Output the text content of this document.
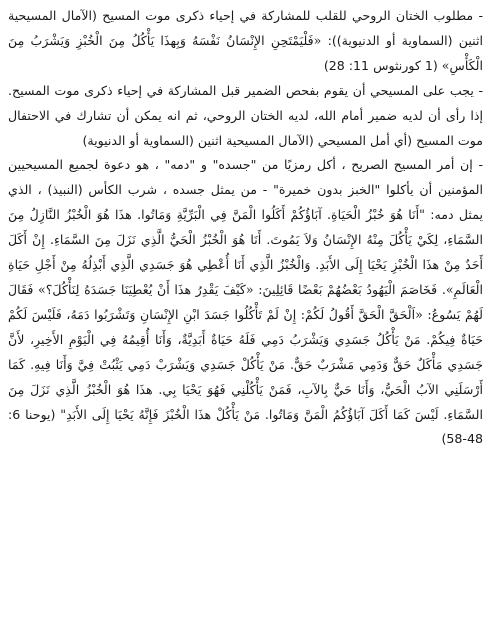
- مطلوب الختان الروحي للقلب للمشاركة في إحياء ذكرى موت المسيح (الآمال المسيحية اثنين (السماوية أو الدنيوية)):

«فَلْيَمْتَحِنِ الإِنْسَانُ نَفْسَهُ وَبِهذَا يَأْكُلُ مِنَ الْخُبْزِ وَيَشْرَبُ مِنَ الْكَأْسِ»

(1 كورنثوس 11: 28)

- يجب على المسيحي أن يقوم بفحص الضمير قبل المشاركة في إحياء ذكرى موت المسيح. إذا رأى أن لديه ضمير أمام الله، لديه الختان الروحي، ثم انه يمكن أن تشارك في الاحتفال موت المسيح (أي أمل المسيحي (الآمال المسيحية اثنين (السماوية أو الدنيوية)

- إن أمر المسيح الصريح ، أكل رمزيًا من "جسده" و "دمه" ، هو دعوة لجميع المسيحيين المؤمنين أن يأكلوا "الخبز بدون خميرة" - من يمثل جسده ، شرب الكأس (النبيذ) ، الذي يمثل دمه:

"أَنَا هُوَ خُبْزُ الْحَيَاةِ. آبَاؤُكُمْ أَكَلُوا الْمَنَّ فِي الْبَرِّيَّةِ وَمَاتُوا. هذَا هُوَ الْخُبْزُ النَّازِلُ مِنَ السَّمَاءِ، لِكَيْ يَأْكُلَ مِنْهُ الإِنْسَانُ وَلاَ يَمُوتَ. أَنَا هُوَ الْخُبْزُ الْحَيُّ الَّذِي نَزَلَ مِنَ السَّمَاءِ. إِنْ أَكَلَ أَحَدٌ مِنْ هذَا الْخُبْزِ يَحْيَا إِلَى الأَبَدِ. وَالْخُبْزُ الَّذِي أَنَا أُعْطِي هُوَ جَسَدِي الَّذِي أَبْذِلُهُ مِنْ أَجْلِ حَيَاةِ الْعَالَمِ». فَخَاصَمَ الْيَهُودُ بَعْضُهُمْ بَعْضًا قَائِلِينَ: «كَيْفَ يَقْدِرُ هذَا أَنْ يُعْطِيَنَا جَسَدَهُ لِنَأْكُلَ؟» فَقَالَ لَهُمْ يَسُوعُ: «اَلْحَقَّ الْحَقَّ أَقُولُ لَكُمْ: إِنْ لَمْ تَأْكُلُوا جَسَدَ ابْنِ الإِنْسَانِ وَتَشْرَبُوا دَمَهُ، فَلَيْسَ لَكُمْ حَيَاةٌ فِيكُمْ. مَنْ يَأْكُلُ جَسَدِي وَيَشْرَبُ دَمِي فَلَهُ حَيَاةٌ أَبَدِيَّةٌ، وَأَنَا أُقِيمُهُ فِي الْيَوْمِ الأَخِيرِ، لأَنَّ جَسَدِي مَأْكَلٌ حَقٌّ وَدَمِي مَشْرَبٌ حَقٌّ. مَنْ يَأْكُلْ جَسَدِي وَيَشْرَبْ دَمِي يَثْبُتْ فِيَّ وَأَنَا فِيهِ. كَمَا أَرْسَلَنِي الآبُ الْحَيُّ، وَأَنَا حَيٌّ بِالآبِ، فَمَنْ يَأْكُلْنِي فَهُوَ يَحْيَا بِي. هذَا هُوَ الْخُبْزُ الَّذِي نَزَلَ مِنَ السَّمَاءِ. لَيْسَ كَمَا أَكَلَ آبَاؤُكُمُ الْمَنَّ وَمَاتُوا. مَنْ يَأْكُلْ هذَا الْخُبْزَ فَإِنَّهُ يَحْيَا إِلَى الأَبَدِ"

(يوحنا 6: 48-58)
